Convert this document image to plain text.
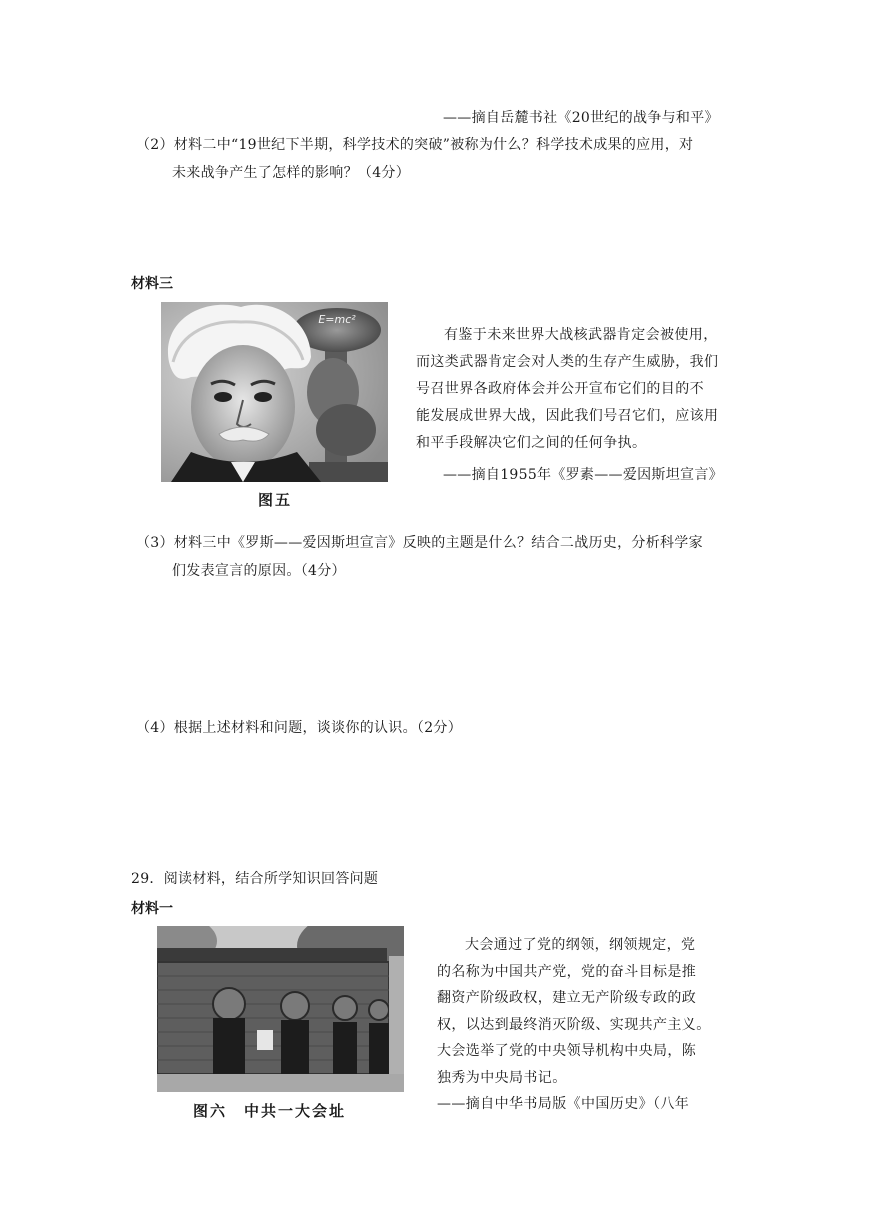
——摘自岳麓书社《20世纪的战争与和平》
（2）材料二中“19世纪下半期，科学技术的突破”被称为什么？科学技术成果的应用，对
未来战争产生了怎样的影响？（4分）
材料三
E=mc²
图五
有鉴于未来世界大战核武器肯定会被使用，
而这类武器肯定会对人类的生存产生威胁，我们
号召世界各政府体会并公开宣布它们的目的不
能发展成世界大战，因此我们号召它们，应该用
和平手段解决它们之间的任何争执。
——摘自1955年《罗素——爱因斯坦宣言》
（3）材料三中《罗斯——爱因斯坦宣言》反映的主题是什么？结合二战历史，分析科学家
们发表宣言的原因。（4分）
（4）根据上述材料和问题，谈谈你的认识。（2分）
29．阅读材料，结合所学知识回答问题
材料一
图六　中共一大会址
大会通过了党的纲领，纲领规定，党
的名称为中国共产党，党的奋斗目标是推
翻资产阶级政权，建立无产阶级专政的政
权，以达到最终消灭阶级、实现共产主义。
大会选举了党的中央领导机构中央局，陈
独秀为中央局书记。
——摘自中华书局版《中国历史》（八年
